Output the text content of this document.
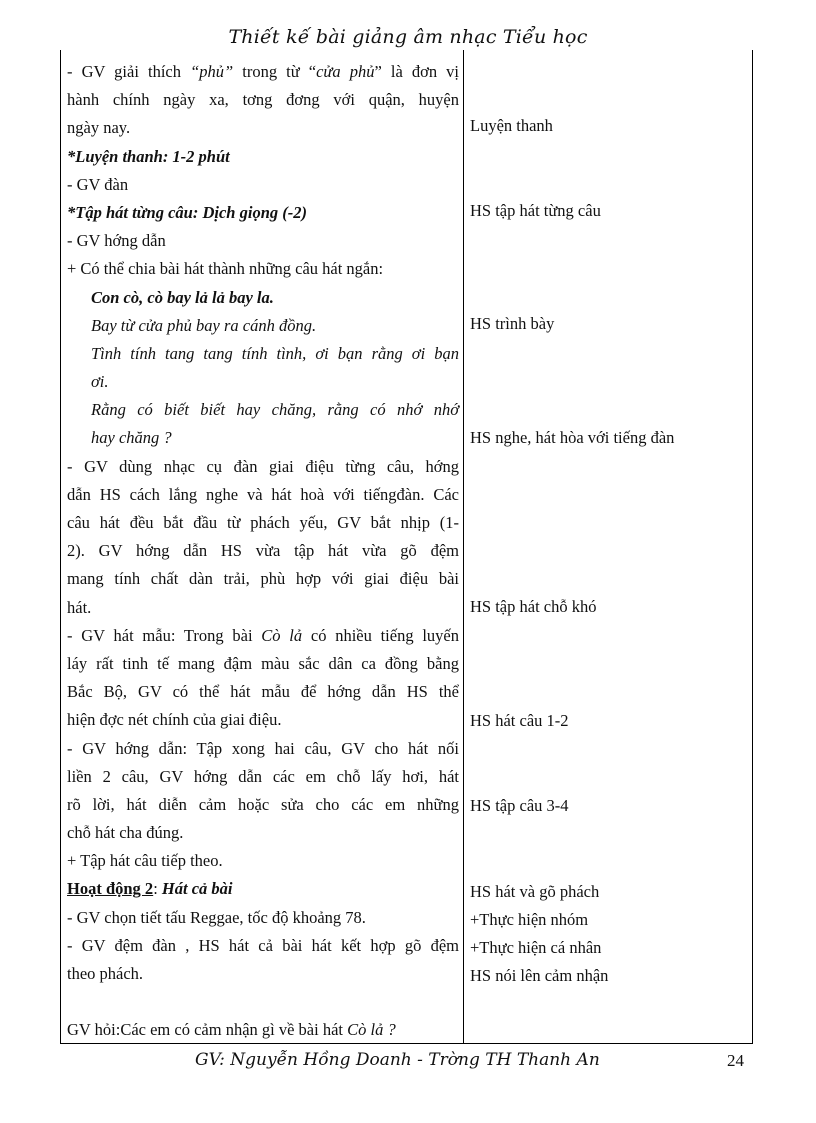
Thiết kế bài giảng âm nhạc Tiểu học
- GV giải thích “phủ” trong từ “cửa phủ” là đơn vị
hành chính ngày xa, tơng đơng với quận, huyện
ngày nay.
*Luyện thanh: 1-2 phút
- GV đàn
*Tập hát từng câu: Dịch giọng (-2)
- GV hớng dẫn
+ Có thể chia bài hát thành những câu hát ngắn:
Con cò, cò bay lả lả bay la.
Bay từ cửa phủ bay ra cánh đồng.
Tình tính tang tang tính tình, ơi bạn rằng ơi bạn
ơi.
Rằng có biết biết hay chăng, rằng có nhớ nhớ
hay chăng ?
- GV dùng nhạc cụ đàn giai điệu từng câu, hớng
dẫn HS cách lắng nghe và hát hoà với tiếngđàn. Các
câu hát đều bắt đầu từ phách yếu, GV bắt nhịp (1-
2). GV hớng dẫn HS vừa tập hát vừa gõ đệm
mang tính chất dàn trải, phù hợp với giai điệu bài
hát.
- GV hát mẫu: Trong bài Cò lả có nhiều tiếng luyến
láy rất tinh tế mang đậm màu sắc dân ca đồng bằng
Bắc Bộ, GV có thể hát mẫu để hớng dẫn HS thể
hiện đợc nét chính của giai điệu.
- GV hớng dẫn: Tập xong hai câu, GV cho hát nối
liền 2 câu, GV hớng dẫn các em chỗ lấy hơi, hát
rõ lời, hát diễn cảm hoặc sửa cho các em những
chỗ hát cha đúng.
+ Tập hát câu tiếp theo.
Hoạt động 2: Hát cả bài
- GV chọn tiết tấu Reggae, tốc độ khoảng 78.
- GV đệm đàn , HS hát cả bài hát kết hợp gõ đệm
theo phách.
GV hỏi:Các em có cảm nhận gì về bài hát Cò lả ?
Luyện thanh
HS tập hát từng câu
HS trình bày
HS nghe, hát hòa với tiếng đàn
HS tập hát chỗ khó
HS hát câu 1-2
HS tập câu 3-4
HS hát và gõ phách
+Thực hiện nhóm
+Thực hiện cá nhân
HS nói lên cảm nhận
GV: Nguyễn Hồng Doanh - Trờng TH Thanh An	24
